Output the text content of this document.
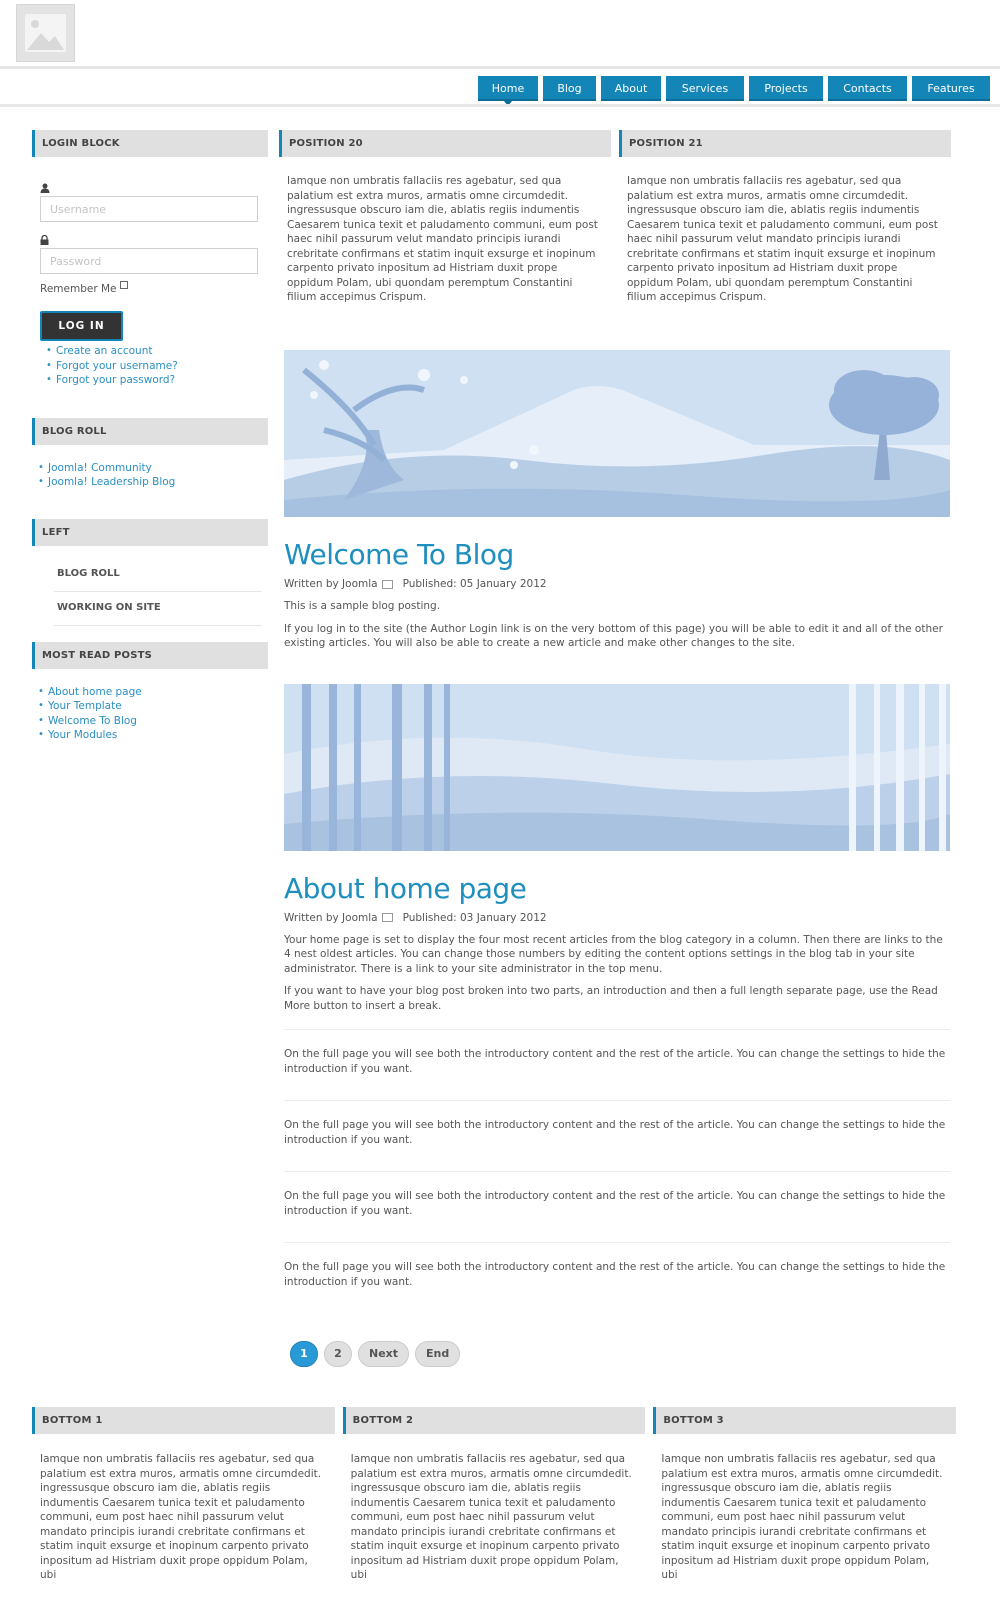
Home	Blog	About	Services	Projects	Contacts	Features
LOGIN BLOCK
Username
Remember Me
LOG IN
• Create an account
• Forgot your username?
• Forgot your password?
BLOG ROLL
• Joomla! Community
• Joomla! Leadership Blog
LEFT
BLOG ROLL
WORKING ON SITE
MOST READ POSTS
• About home page
• Your Template
• Welcome To Blog
• Your Modules
POSITION 20

Iamque non umbratis fallaciis res agebatur, sed qua palatium est extra muros, armatis omne circumdedit. ingressusque obscuro iam die, ablatis regiis indumentis Caesarem tunica texit et paludamento communi, eum post haec nihil passurum velut mandato principis iurandi crebritate confirmans et statim inquit exsurge et inopinum carpento privato inpositum ad Histriam duxit prope oppidum Polam, ubi quondam peremptum Constantini filium accepimus Crispum.

POSITION 21

Iamque non umbratis fallaciis res agebatur, sed qua palatium est extra muros, armatis omne circumdedit. ingressusque obscuro iam die, ablatis regiis indumentis Caesarem tunica texit et paludamento communi, eum post haec nihil passurum velut mandato principis iurandi crebritate confirmans et statim inquit exsurge et inopinum carpento privato inpositum ad Histriam duxit prope oppidum Polam, ubi quondam peremptum Constantini filium accepimus Crispum.

Welcome To Blog
Written by Joomla Published: 05 January 2012

This is a sample blog posting.

If you log in to the site (the Author Login link is on the very bottom of this page) you will be able to edit it and all of the other existing articles. You will also be able to create a new article and make other changes to the site.

About home page
Written by Joomla Published: 03 January 2012

Your home page is set to display the four most recent articles from the blog category in a column. Then there are links to the 4 nest oldest articles. You can change those numbers by editing the content options settings in the blog tab in your site administrator. There is a link to your site administrator in the top menu.

If you want to have your blog post broken into two parts, an introduction and then a full length separate page, use the Read More button to insert a break.

On the full page you will see both the introductory content and the rest of the article. You can change the settings to hide the introduction if you want.
On the full page you will see both the introductory content and the rest of the article. You can change the settings to hide the introduction if you want.
On the full page you will see both the introductory content and the rest of the article. You can change the settings to hide the introduction if you want.
On the full page you will see both the introductory content and the rest of the article. You can change the settings to hide the introduction if you want.
1	2	Next	End
BOTTOM 1

Iamque non umbratis fallaciis res agebatur, sed qua palatium est extra muros, armatis omne circumdedit. ingressusque obscuro iam die, ablatis regiis indumentis Caesarem tunica texit et paludamento communi, eum post haec nihil passurum velut mandato principis iurandi crebritate confirmans et statim inquit exsurge et inopinum carpento privato inpositum ad Histriam duxit prope oppidum Polam, ubi

BOTTOM 2

Iamque non umbratis fallaciis res agebatur, sed qua palatium est extra muros, armatis omne circumdedit. ingressusque obscuro iam die, ablatis regiis indumentis Caesarem tunica texit et paludamento communi, eum post haec nihil passurum velut mandato principis iurandi crebritate confirmans et statim inquit exsurge et inopinum carpento privato inpositum ad Histriam duxit prope oppidum Polam, ubi

BOTTOM 3

Iamque non umbratis fallaciis res agebatur, sed qua palatium est extra muros, armatis omne circumdedit. ingressusque obscuro iam die, ablatis regiis indumentis Caesarem tunica texit et paludamento communi, eum post haec nihil passurum velut mandato principis iurandi crebritate confirmans et statim inquit exsurge et inopinum carpento privato inpositum ad Histriam duxit prope oppidum Polam, ubi
